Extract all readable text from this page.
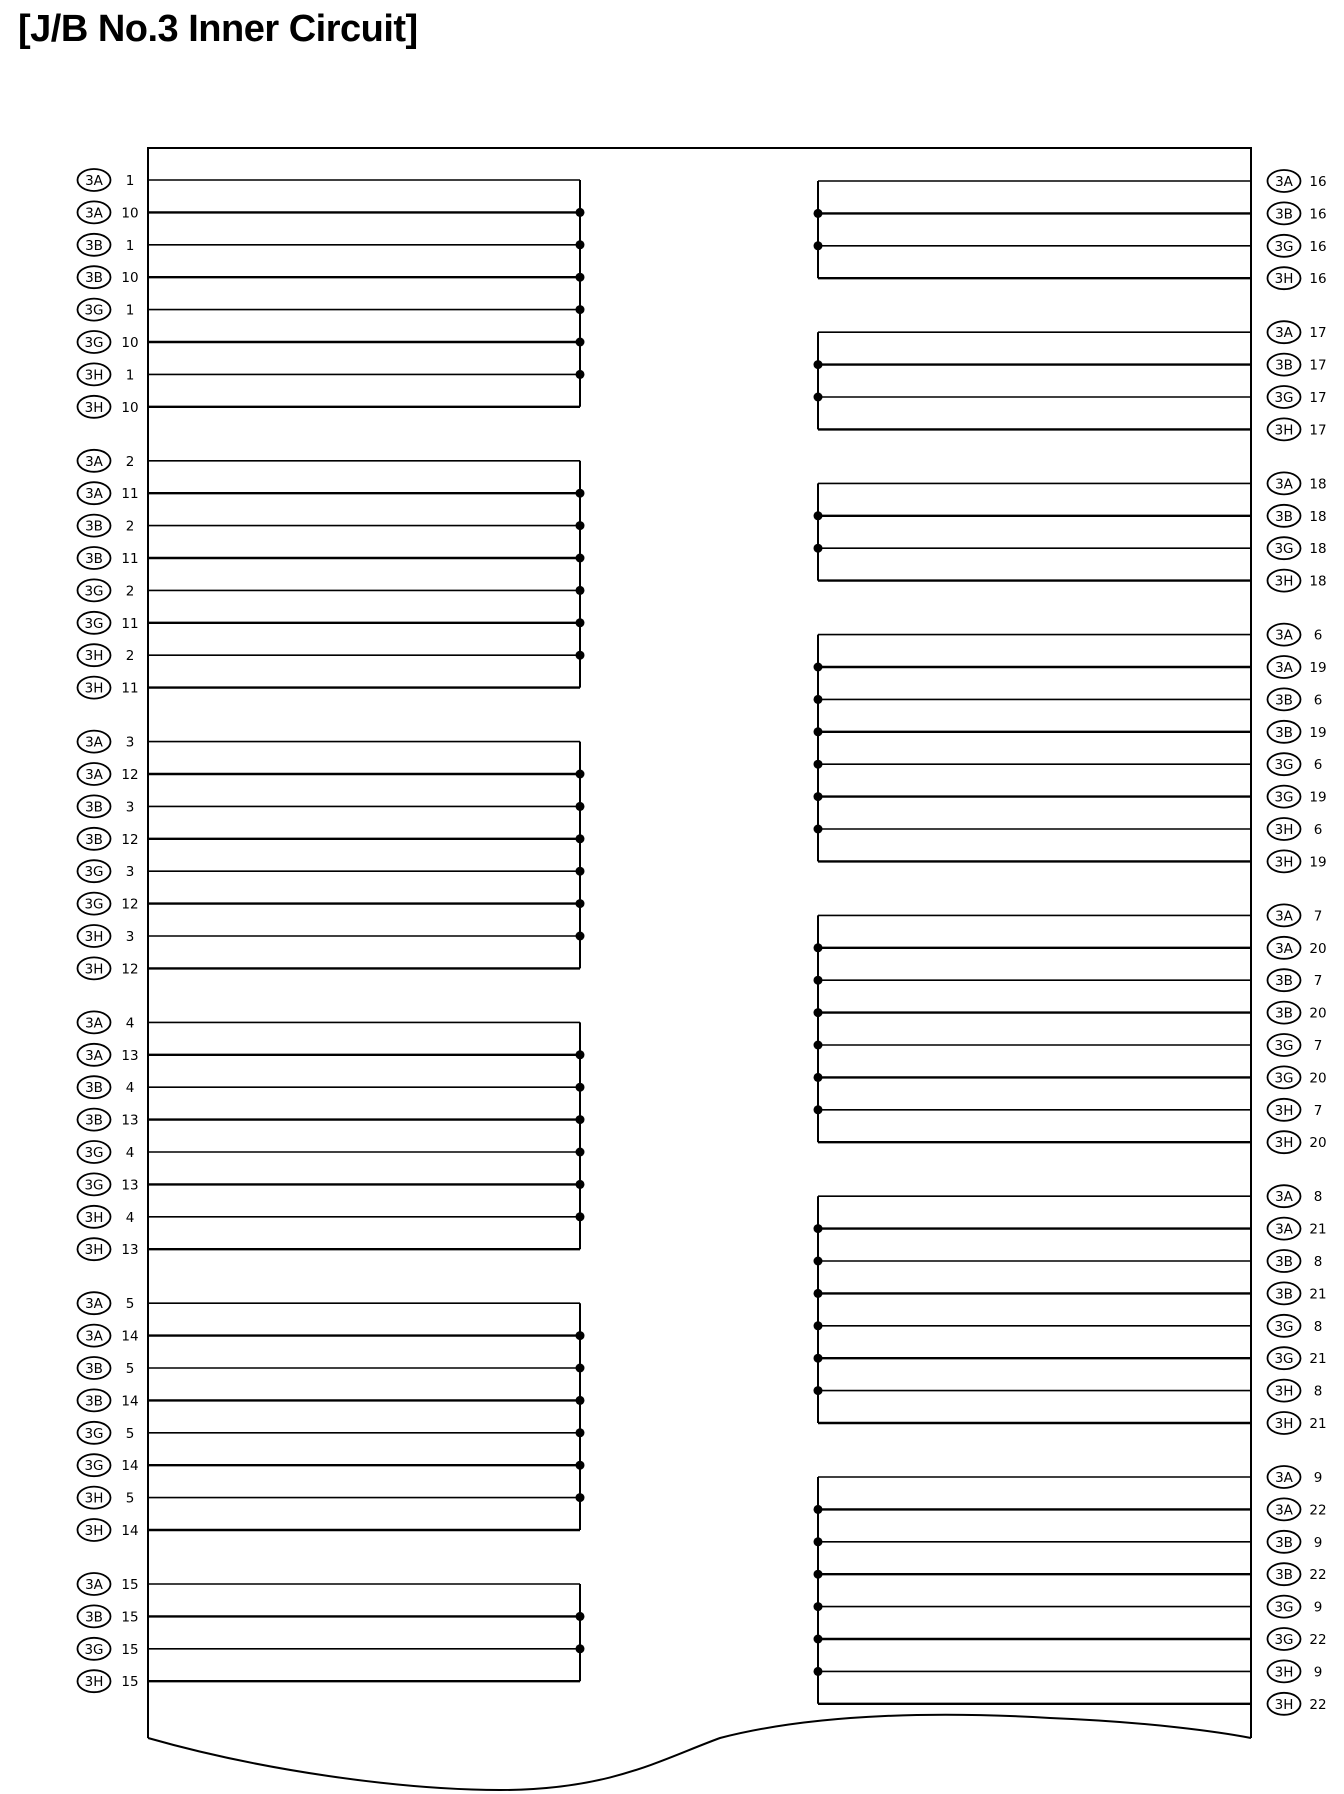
[J/B No.3 Inner Circuit]
3A 1
3A 10
3B 1
3B 10
3G 1
3G 10
3H 1
3H 10
3A 2
3A 11
3B 2
3B 11
3G 2
3G 11
3H 2
3H 11
3A 3
3A 12
3B 3
3B 12
3G 3
3G 12
3H 3
3H 12
3A 4
3A 13
3B 4
3B 13
3G 4
3G 13
3H 4
3H 13
3A 5
3A 14
3B 5
3B 14
3G 5
3G 14
3H 5
3H 14
3A 15
3B 15
3G 15
3H 15
3A 16
3B 16
3G 16
3H 16
3A 17
3B 17
3G 17
3H 17
3A 18
3B 18
3G 18
3H 18
3A 6
3A 19
3B 6
3B 19
3G 6
3G 19
3H 6
3H 19
3A 7
3A 20
3B 7
3B 20
3G 7
3G 20
3H 7
3H 20
3A 8
3A 21
3B 8
3B 21
3G 8
3G 21
3H 8
3H 21
3A 9
3A 22
3B 9
3B 22
3G 9
3G 22
3H 9
3H 22
